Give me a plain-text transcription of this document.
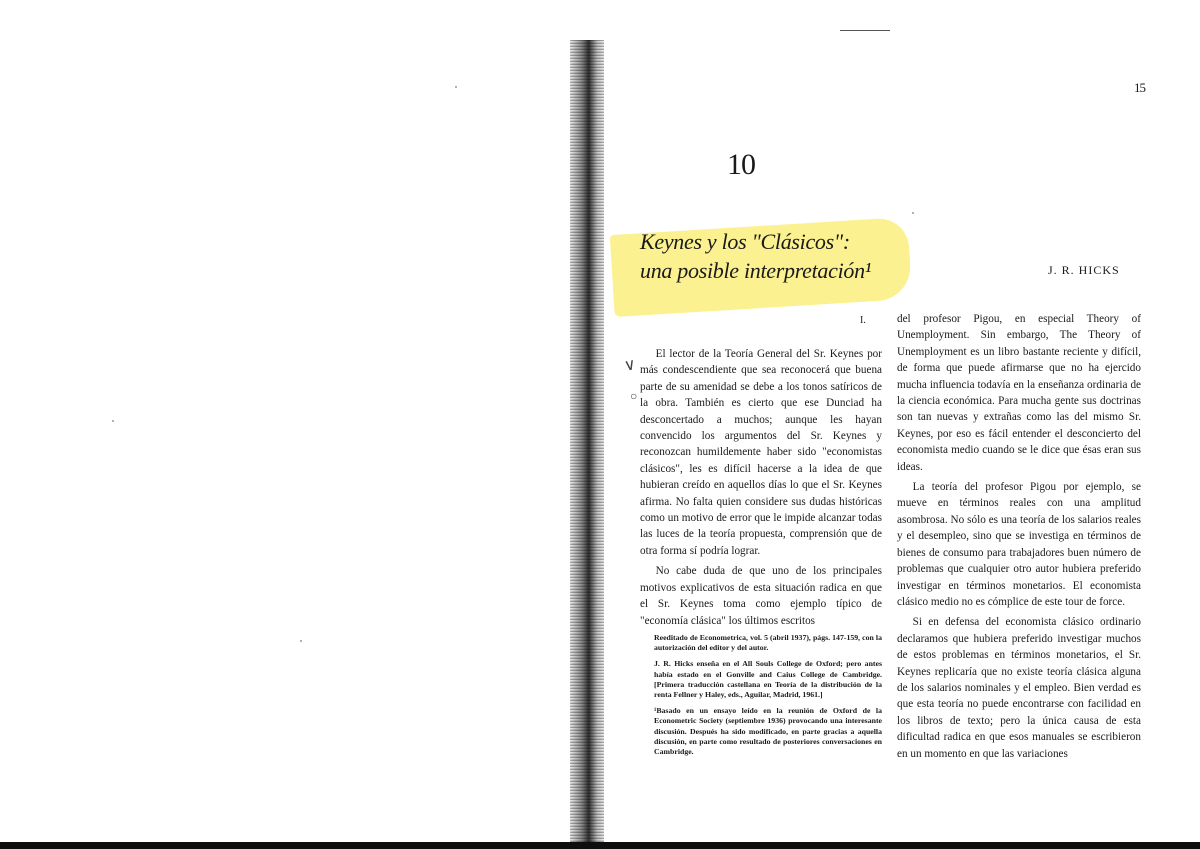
15
10
Keynes y los "Clásicos":
una posible interpretación¹	J. R. HICKS
I.
∨
○

El lector de la Teoría General del Sr. Keynes por más condescendiente que sea reconocerá que buena parte de su amenidad se debe a los tonos satíricos de la obra. También es cierto que ese Dunciad ha desconcertado a muchos; aunque les hayan convencido los argumentos del Sr. Keynes y reconozcan humildemente haber sido "economistas clásicos", les es difícil hacerse a la idea de que hubieran creído en aquellos días lo que el Sr. Keynes afirma. No falta quien considere sus dudas históricas como un motivo de error que le impide alcanzar todas las luces de la teoría propuesta, comprensión que de otra forma sí podría lograr.

No cabe duda de que uno de los principales motivos explicativos de esta situación radica en que el Sr. Keynes toma como ejemplo típico de "economía clásica" los últimos escritos

Reeditado de Econometrica, vol. 5 (abril 1937), págs. 147-159, con la autorización del editor y del autor.

J. R. Hicks enseña en el All Souls College de Oxford; pero antes había estado en el Gonville and Caius College de Cambridge. [Primera traducción castellana en Teoría de la distribución de la renta Fellner y Haley, eds., Aguilar, Madrid, 1961.]

¹Basado en un ensayo leído en la reunión de Oxford de la Econometric Society (septiembre 1936) provocando una interesante discusión. Después ha sido modificado, en parte gracias a aquella discusión, en parte como resultado de posteriores conversaciones en Cambridge.

del profesor Pigou, en especial Theory of Unemployment. Sin embargo, The Theory of Unemployment es un libro bastante reciente y difícil, de forma que puede afirmarse que no ha ejercido mucha influencia todavía en la enseñanza ordinaria de la ciencia económica. Para mucha gente sus doctrinas son tan nuevas y extrañas como las del mismo Sr. Keynes, por eso es fácil entender el desconcierto del economista medio cuando se le dice que ésas eran sus ideas.

La teoría del profesor Pigou por ejemplo, se mueve en términos reales con una amplitud asombrosa. No sólo es una teoría de los salarios reales y el desempleo, sino que se investiga en términos de bienes de consumo para trabajadores buen número de problemas que cualquier otro autor hubiera preferido investigar en términos monetarios. El economista clásico medio no es cómplice de este tour de force.

Si en defensa del economista clásico ordinario declaramos que hubiera preferido investigar muchos de estos problemas en términos monetarios, el Sr. Keynes replicaría que no existe teoría clásica alguna de los salarios nominales y el empleo. Bien verdad es que esta teoría no puede encontrarse con facilidad en los libros de texto; pero la única causa de esta dificultad radica en que esos manuales se escribieron en un momento en que las variaciones
